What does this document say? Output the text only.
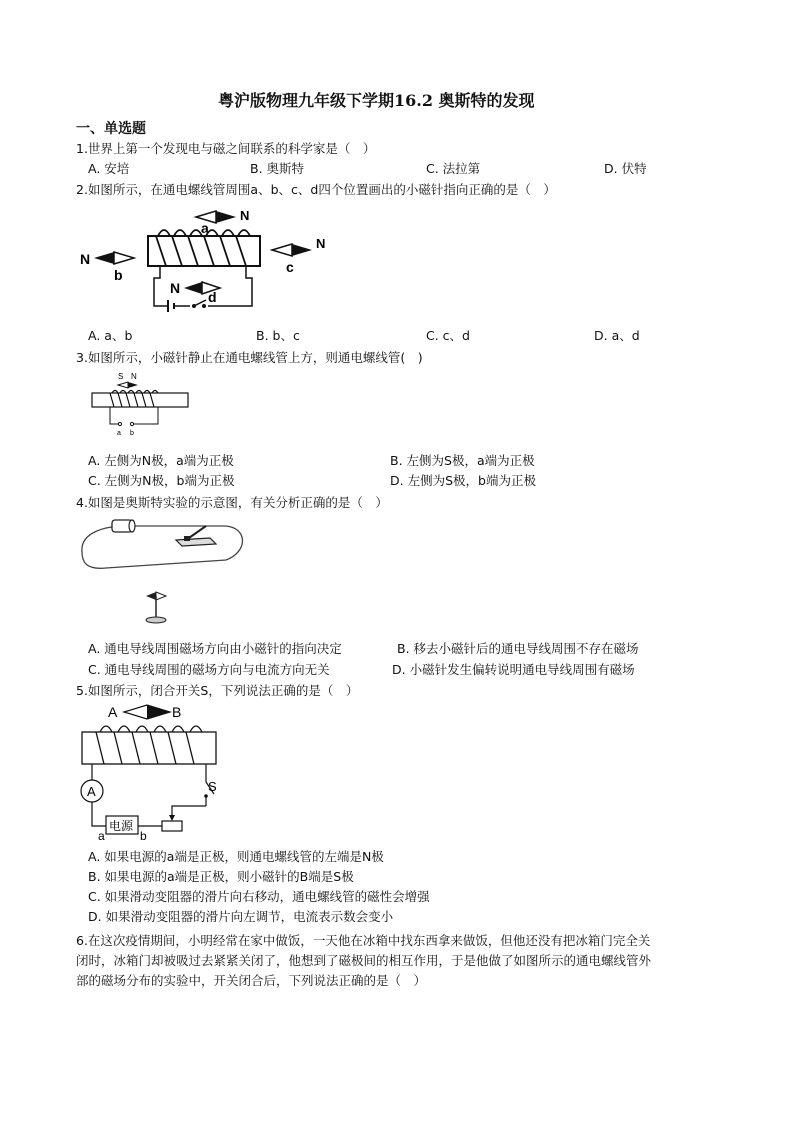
粤沪版物理九年级下学期16.2 奥斯特的发现
一、单选题
1.世界上第一个发现电与磁之间联系的科学家是（　）
A. 安培	B. 奥斯特	C. 法拉第	D. 伏特
2.如图所示，在通电螺线管周围a、b、c、d四个位置画出的小磁针指向正确的是（　）
N
a
N
b
N
c
N
d
A. a、b	B. b、c	C. c、d	D. a、d
3.如图所示，小磁针静止在通电螺线管上方，则通电螺线管(　)
S N
a b
A. 左侧为N极，a端为正极	B. 左侧为S极，a端为正极
C. 左侧为N极，b端为正极	D. 左侧为S极，b端为正极
4.如图是奥斯特实验的示意图，有关分析正确的是（　）
A. 通电导线周围磁场方向由小磁针的指向决定	B. 移去小磁针后的通电导线周围不存在磁场
C. 通电导线周围的磁场方向与电流方向无关	D. 小磁针发生偏转说明通电导线周围有磁场
5.如图所示，闭合开关S，下列说法正确的是（　）
A	B
A
电源
a	b
S
A. 如果电源的a端是正极，则通电螺线管的左端是N极
B. 如果电源的a端是正极，则小磁针的B端是S极
C. 如果滑动变阻器的滑片向右移动，通电螺线管的磁性会增强
D. 如果滑动变阻器的滑片向左调节，电流表示数会变小
6.在这次疫情期间，小明经常在家中做饭，一天他在冰箱中找东西拿来做饭，但他还没有把冰箱门完全关
闭时，冰箱门却被吸过去紧紧关闭了，他想到了磁极间的相互作用，于是他做了如图所示的通电螺线管外
部的磁场分布的实验中，开关闭合后，下列说法正确的是（　）
